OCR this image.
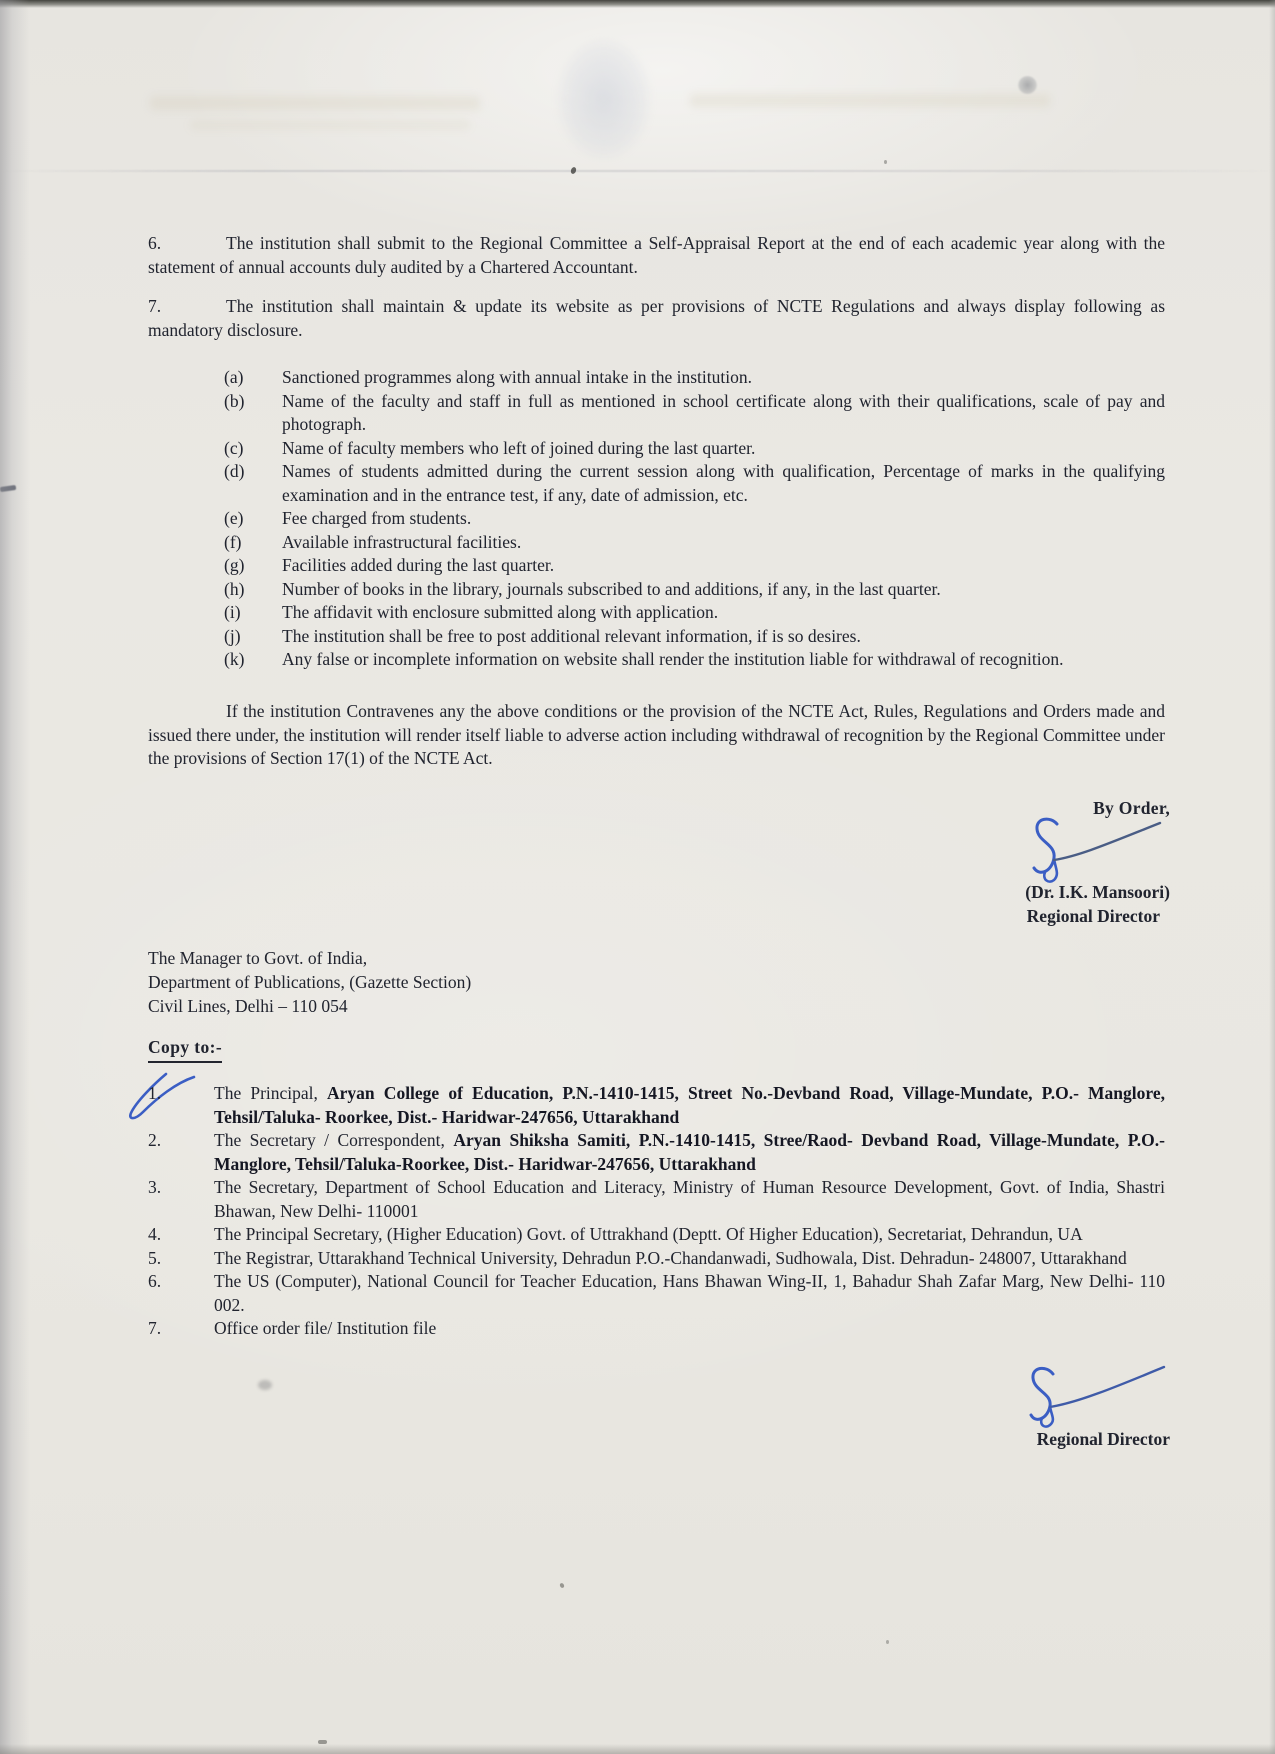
6.	The institution shall submit to the Regional Committee a Self-Appraisal Report at the end of each academic year along with the statement of annual accounts duly audited by a Chartered Accountant.
7.	The institution shall maintain & update its website as per provisions of NCTE Regulations and always display following as mandatory disclosure.
(a)	Sanctioned programmes along with annual intake in the institution.
(b)	Name of the faculty and staff in full as mentioned in school certificate along with their qualifications, scale of pay and photograph.
(c)	Name of faculty members who left of joined during the last quarter.
(d)	Names of students admitted during the current session along with qualification, Percentage of marks in the qualifying examination and in the entrance test, if any, date of admission, etc.
(e)	Fee charged from students.
(f)	Available infrastructural facilities.
(g)	Facilities added during the last quarter.
(h)	Number of books in the library, journals subscribed to and additions, if any, in the last quarter.
(i)	The affidavit with enclosure submitted along with application.
(j)	The institution shall be free to post additional relevant information, if is so desires.
(k)	Any false or incomplete information on website shall render the institution liable for withdrawal of recognition.
If the institution Contravenes any the above conditions or the provision of the NCTE Act, Rules, Regulations and Orders made and issued there under, the institution will render itself liable to adverse action including withdrawal of recognition by the Regional Committee under the provisions of Section 17(1) of the NCTE Act.
By Order,
(Dr. I.K. Mansoori)
Regional Director
The Manager to Govt. of India,
Department of Publications, (Gazette Section)
Civil Lines, Delhi – 110 054
Copy to:-
1.	The Principal, Aryan College of Education, P.N.-1410-1415, Street No.-Devband Road, Village-Mundate, P.O.- Manglore, Tehsil/Taluka- Roorkee, Dist.- Haridwar-247656, Uttarakhand
2.	The Secretary / Correspondent, Aryan Shiksha Samiti, P.N.-1410-1415, Stree/Raod- Devband Road, Village-Mundate, P.O.-Manglore, Tehsil/Taluka-Roorkee, Dist.- Haridwar-247656, Uttarakhand
3.	The Secretary, Department of School Education and Literacy, Ministry of Human Resource Development, Govt. of India, Shastri Bhawan, New Delhi- 110001
4.	The Principal Secretary, (Higher Education) Govt. of Uttrakhand (Deptt. Of Higher Education), Secretariat, Dehrandun, UA
5.	The Registrar, Uttarakhand Technical University, Dehradun P.O.-Chandanwadi, Sudhowala, Dist. Dehradun- 248007, Uttarakhand
6.	The US (Computer), National Council for Teacher Education, Hans Bhawan Wing-II, 1, Bahadur Shah Zafar Marg, New Delhi- 110 002.
7.	Office order file/ Institution file
Regional Director
